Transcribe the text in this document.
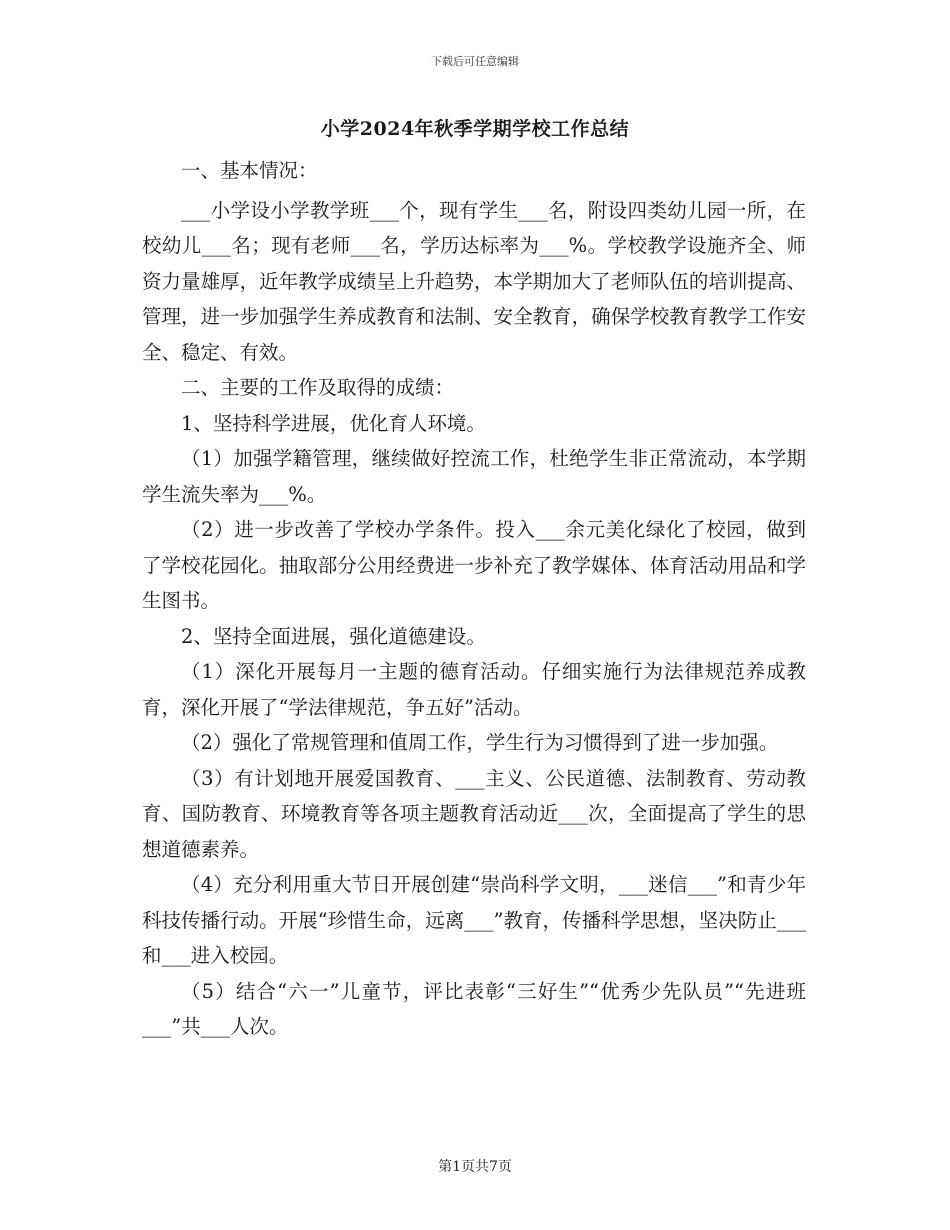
下载后可任意编辑
小学2024年秋季学期学校工作总结

一、基本情况：

___小学设小学教学班___个，现有学生___名，附设四类幼儿园一所，在校幼儿___名；现有老师___名，学历达标率为___%。学校教学设施齐全、师资力量雄厚，近年教学成绩呈上升趋势，本学期加大了老师队伍的培训提高、管理，进一步加强学生养成教育和法制、安全教育，确保学校教育教学工作安全、稳定、有效。

二、主要的工作及取得的成绩：

1、坚持科学进展，优化育人环境。

（1）加强学籍管理，继续做好控流工作，杜绝学生非正常流动，本学期学生流失率为___%。

（2）进一步改善了学校办学条件。投入___余元美化绿化了校园，做到了学校花园化。抽取部分公用经费进一步补充了教学媒体、体育活动用品和学生图书。

2、坚持全面进展，强化道德建设。

（1）深化开展每月一主题的德育活动。仔细实施行为法律规范养成教育，深化开展了“学法律规范，争五好”活动。

（2）强化了常规管理和值周工作，学生行为习惯得到了进一步加强。

（3）有计划地开展爱国教育、___主义、公民道德、法制教育、劳动教育、国防教育、环境教育等各项主题教育活动近___次，全面提高了学生的思想道德素养。

（4）充分利用重大节日开展创建“崇尚科学文明，___迷信___”和青少年科技传播行动。开展“珍惜生命，远离___”教育，传播科学思想，坚决防止___和___进入校园。

（5）结合“六一”儿童节，评比表彰“三好生”“优秀少先队员”“先进班___”共___人次。

第1页共7页
